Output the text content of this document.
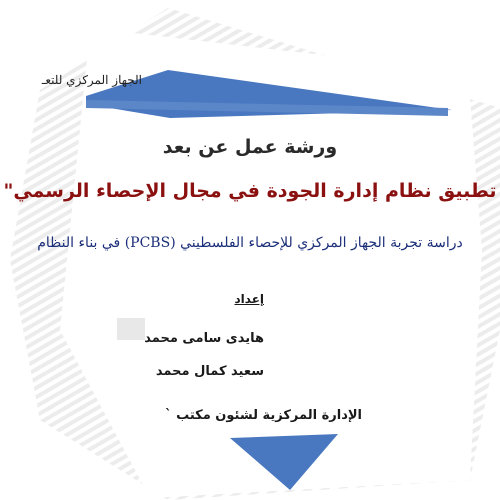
الجهاز المركزي للتعـ
ورشة عمل عن بعد
تطبيق نظام إدارة الجودة في مجال الإحصاء الرسمي"
دراسة تجربة الجهاز المركزي للإحصاء الفلسطيني (PCBS) في بناء النظام
إعداد
هايدى سامى محمد
سعيد كمال محمد
الإدارة المركزية لشئون مكتب `
